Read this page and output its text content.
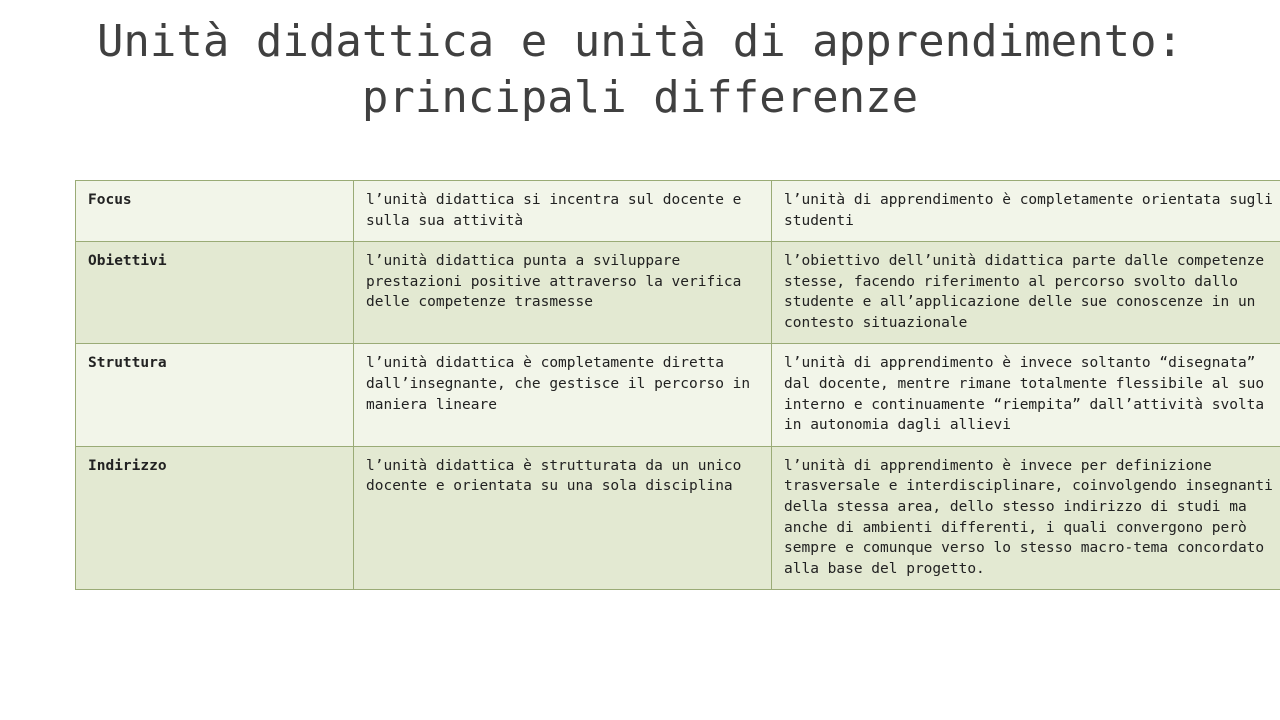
Unità didattica e unità di apprendimento: principali differenze
Focus	l’unità didattica si incentra sul docente e sulla sua attività	l’unità di apprendimento è completamente orientata sugli studenti
Obiettivi	l’unità didattica punta a sviluppare prestazioni positive attraverso la verifica delle competenze trasmesse	l’obiettivo dell’unità didattica parte dalle competenze stesse, facendo riferimento al percorso svolto dallo studente e all’applicazione delle sue conoscenze in un contesto situazionale
Struttura	l’unità didattica è completamente diretta dall’insegnante, che gestisce il percorso in maniera lineare	l’unità di apprendimento è invece soltanto “disegnata” dal docente, mentre rimane totalmente flessibile al suo interno e continuamente “riempita” dall’attività svolta in autonomia dagli allievi
Indirizzo	l’unità didattica è strutturata da un unico docente e orientata su una sola disciplina	l’unità di apprendimento è invece per definizione trasversale e interdisciplinare, coinvolgendo insegnanti della stessa area, dello stesso indirizzo di studi ma anche di ambienti differenti, i quali convergono però sempre e comunque verso lo stesso macro-tema concordato alla base del progetto.
